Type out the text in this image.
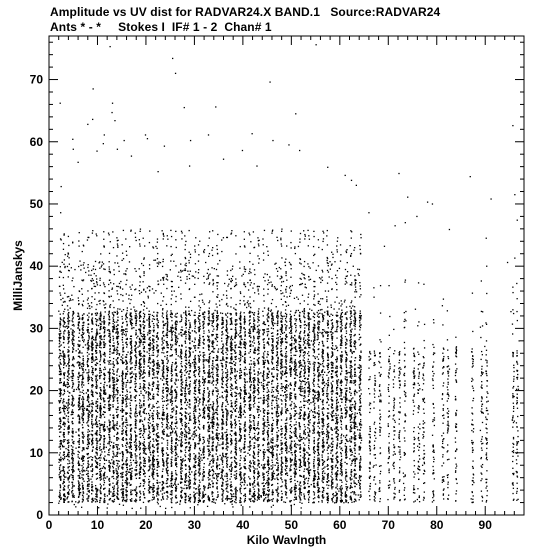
Amplitude vs UV dist for RADVAR24.X BAND.1   Source:RADVAR24
Ants * - *     Stokes I  IF# 1 - 2  Chan# 1
0	10	20	30	40	50	60	70	80	90
0
10
20
30
40
50
60
70
Kilo Wavlngth
MilliJanskys
